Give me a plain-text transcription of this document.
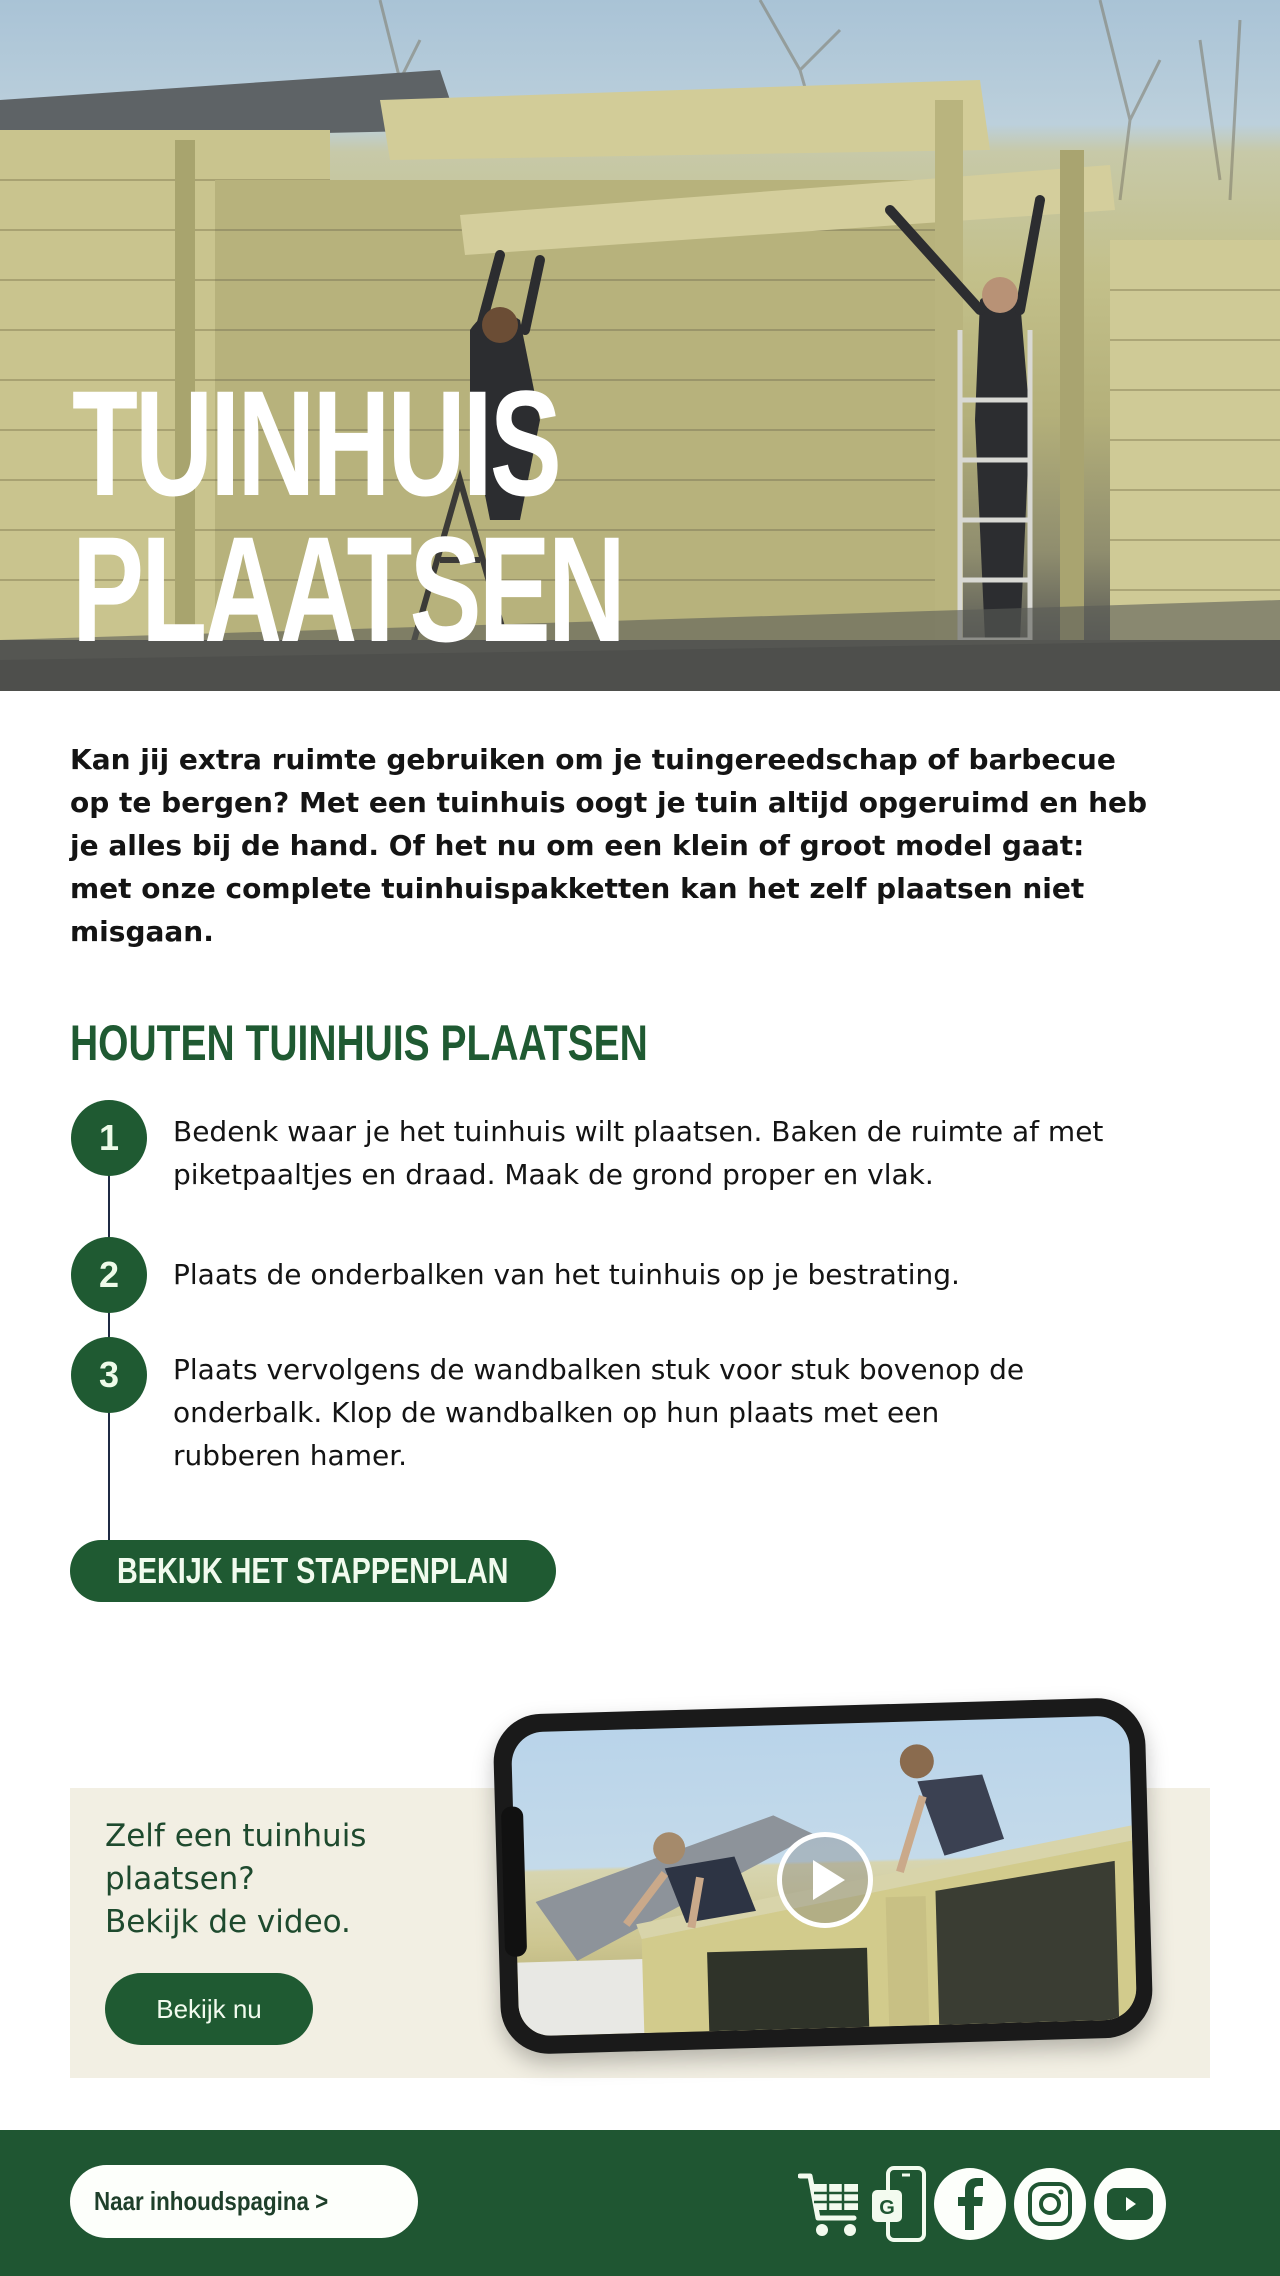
TUINHUIS
PLAATSEN

Kan jij extra ruimte gebruiken om je tuingereedschap of barbecue op te bergen? Met een tuinhuis oogt je tuin altijd opgeruimd en heb je alles bij de hand. Of het nu om een klein of groot model gaat: met onze complete tuinhuispakketten kan het zelf plaatsen niet misgaan.

HOUTEN TUINHUIS PLAATSEN
1	Bedenk waar je het tuinhuis wilt plaatsen. Baken de ruimte af met piketpaaltjes en draad. Maak de grond proper en vlak.

2	Plaats de onderbalken van het tuinhuis op je bestrating.

3	Plaats vervolgens de wandbalken stuk voor stuk bovenop de onderbalk. Klop de wandbalken op hun plaats met een rubberen hamer.

BEKIJK HET STAPPENPLAN
Zelf een tuinhuis
plaatsen?
Bekijk de video.
Bekijk nu
Naar inhoudspagina >	G
